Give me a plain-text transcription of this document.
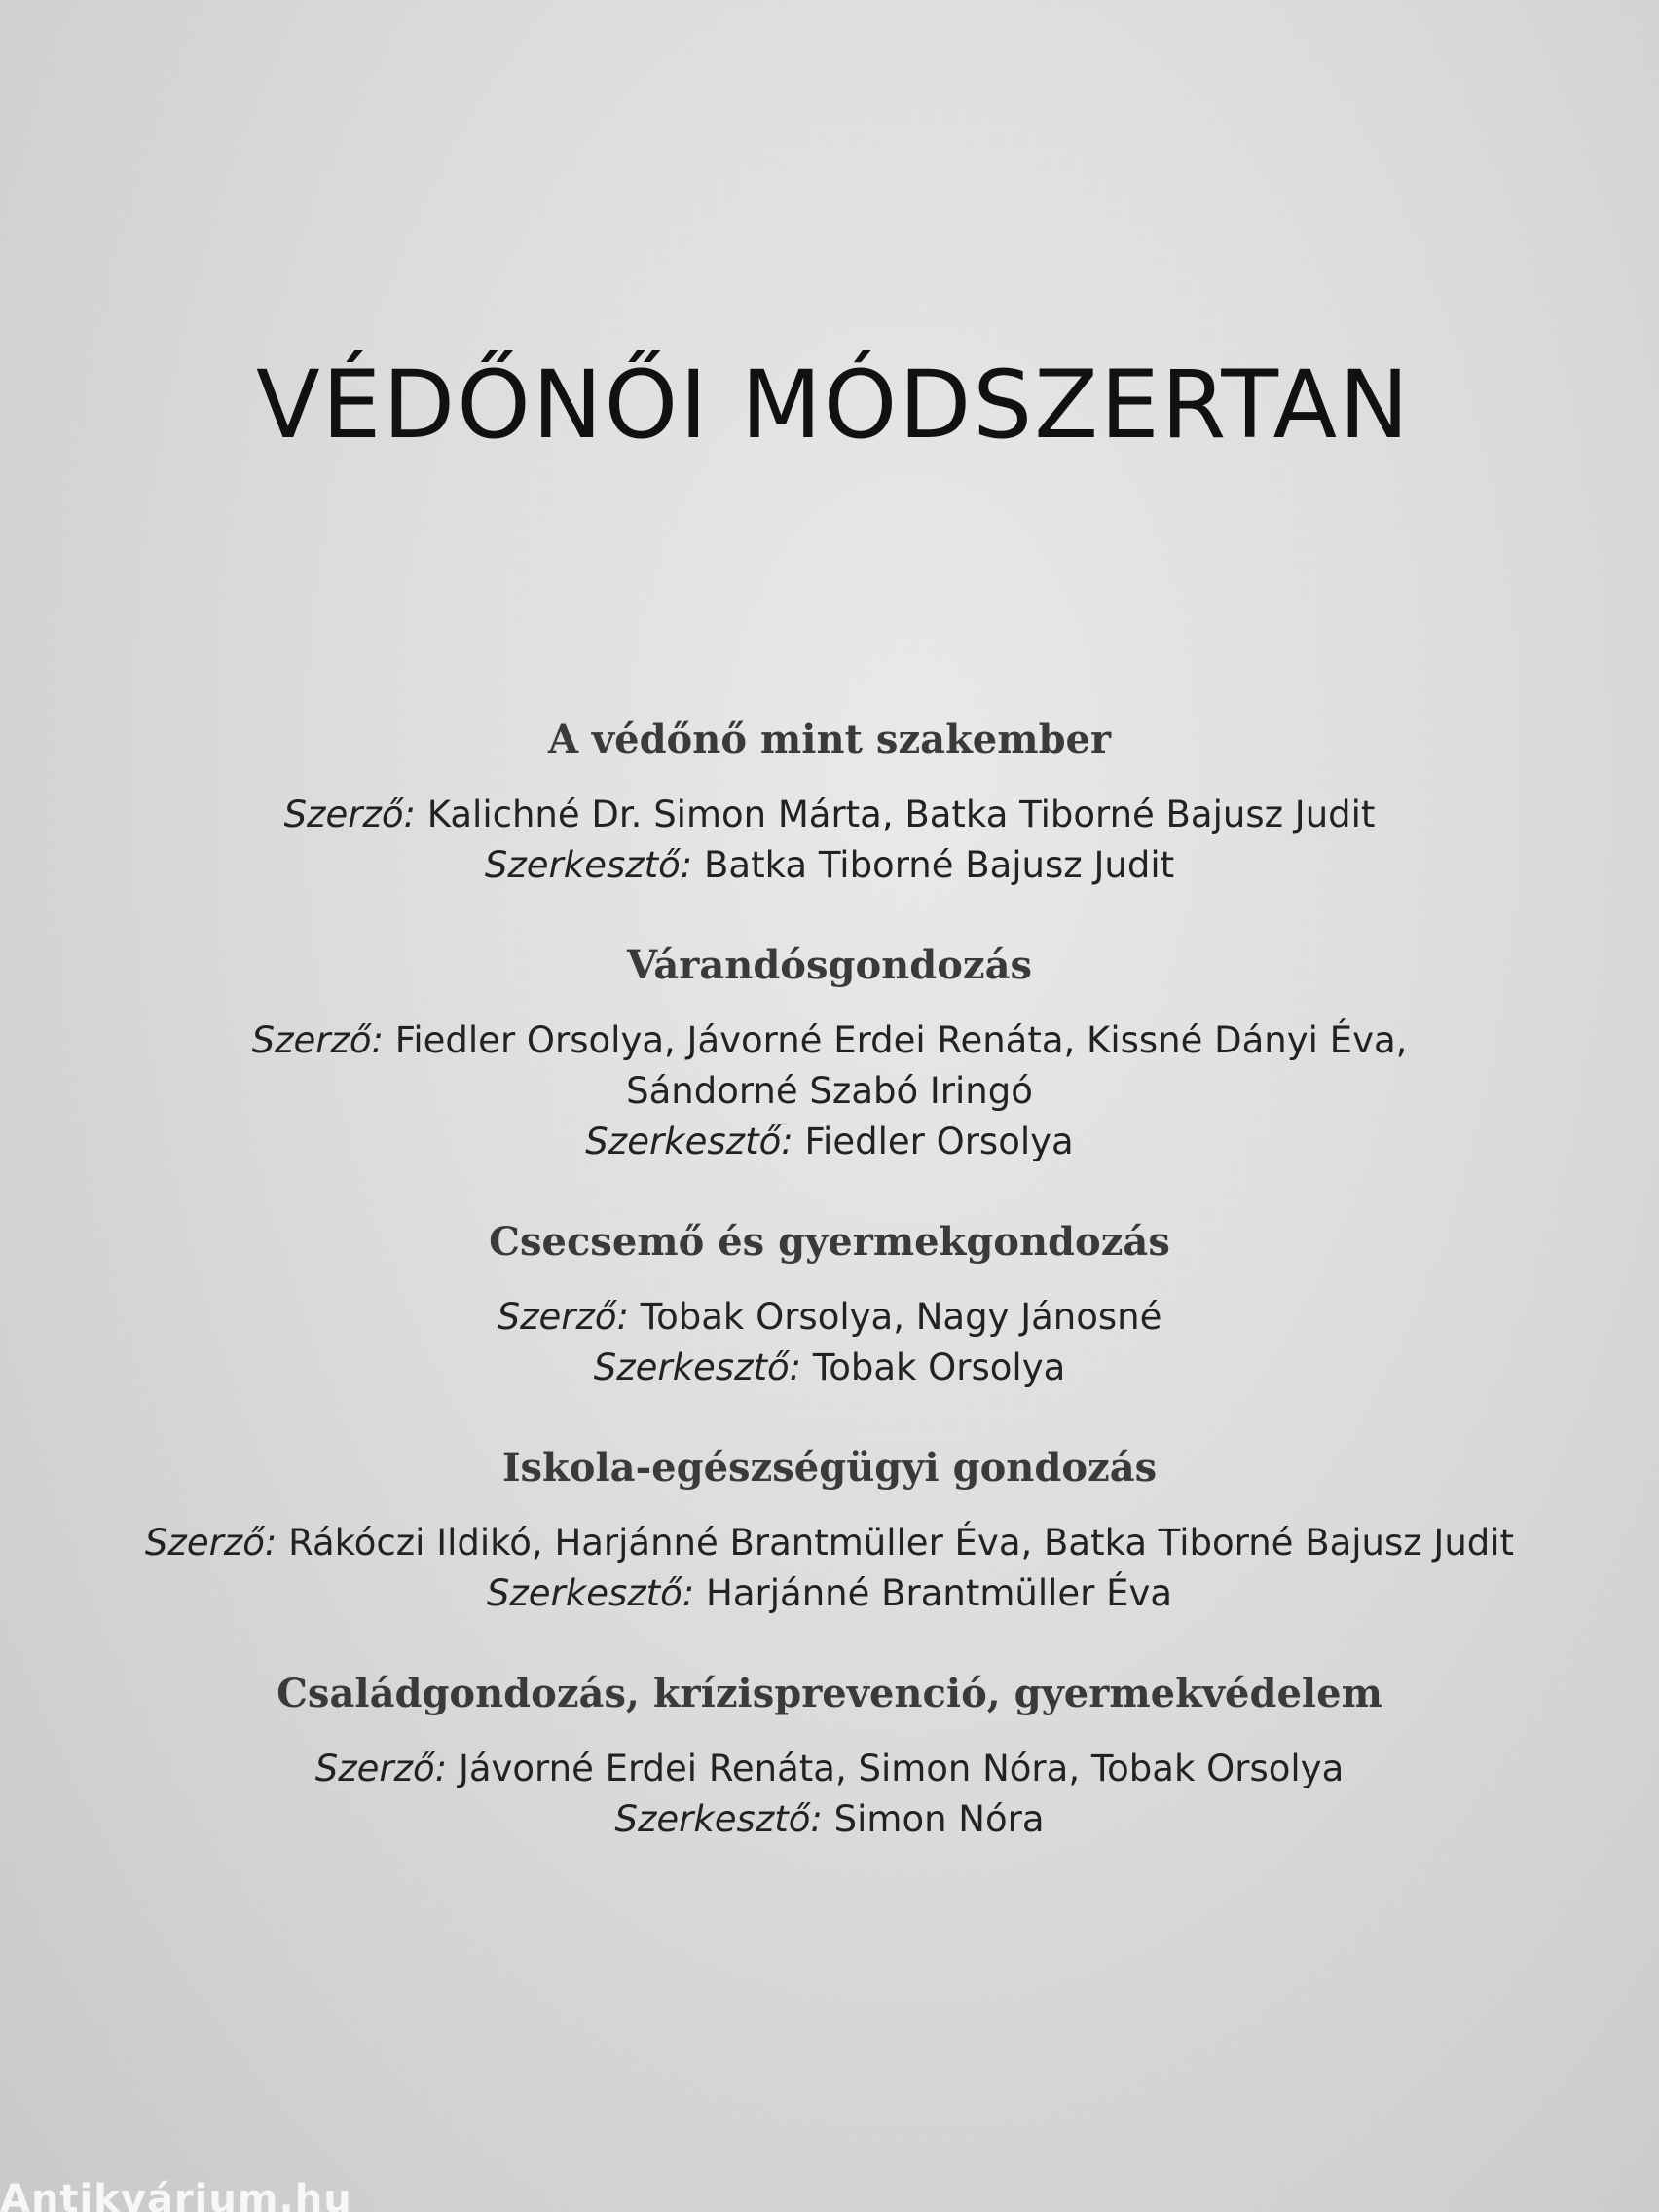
VÉDŐNŐI MÓDSZERTAN
A védőnő mint szakember
Szerző: Kalichné Dr. Simon Márta, Batka Tiborné Bajusz Judit
Szerkesztő: Batka Tiborné Bajusz Judit
Várandósgondozás
Szerző: Fiedler Orsolya, Jávorné Erdei Renáta, Kissné Dányi Éva,
Sándorné Szabó Iringó
Szerkesztő: Fiedler Orsolya
Csecsemő és gyermekgondozás
Szerző: Tobak Orsolya, Nagy Jánosné
Szerkesztő: Tobak Orsolya
Iskola-egészségügyi gondozás
Szerző: Rákóczi Ildikó, Harjánné Brantmüller Éva, Batka Tiborné Bajusz Judit
Szerkesztő: Harjánné Brantmüller Éva
Családgondozás, krízisprevenció, gyermekvédelem
Szerző: Jávorné Erdei Renáta, Simon Nóra, Tobak Orsolya
Szerkesztő: Simon Nóra
Antikvárium.hu
